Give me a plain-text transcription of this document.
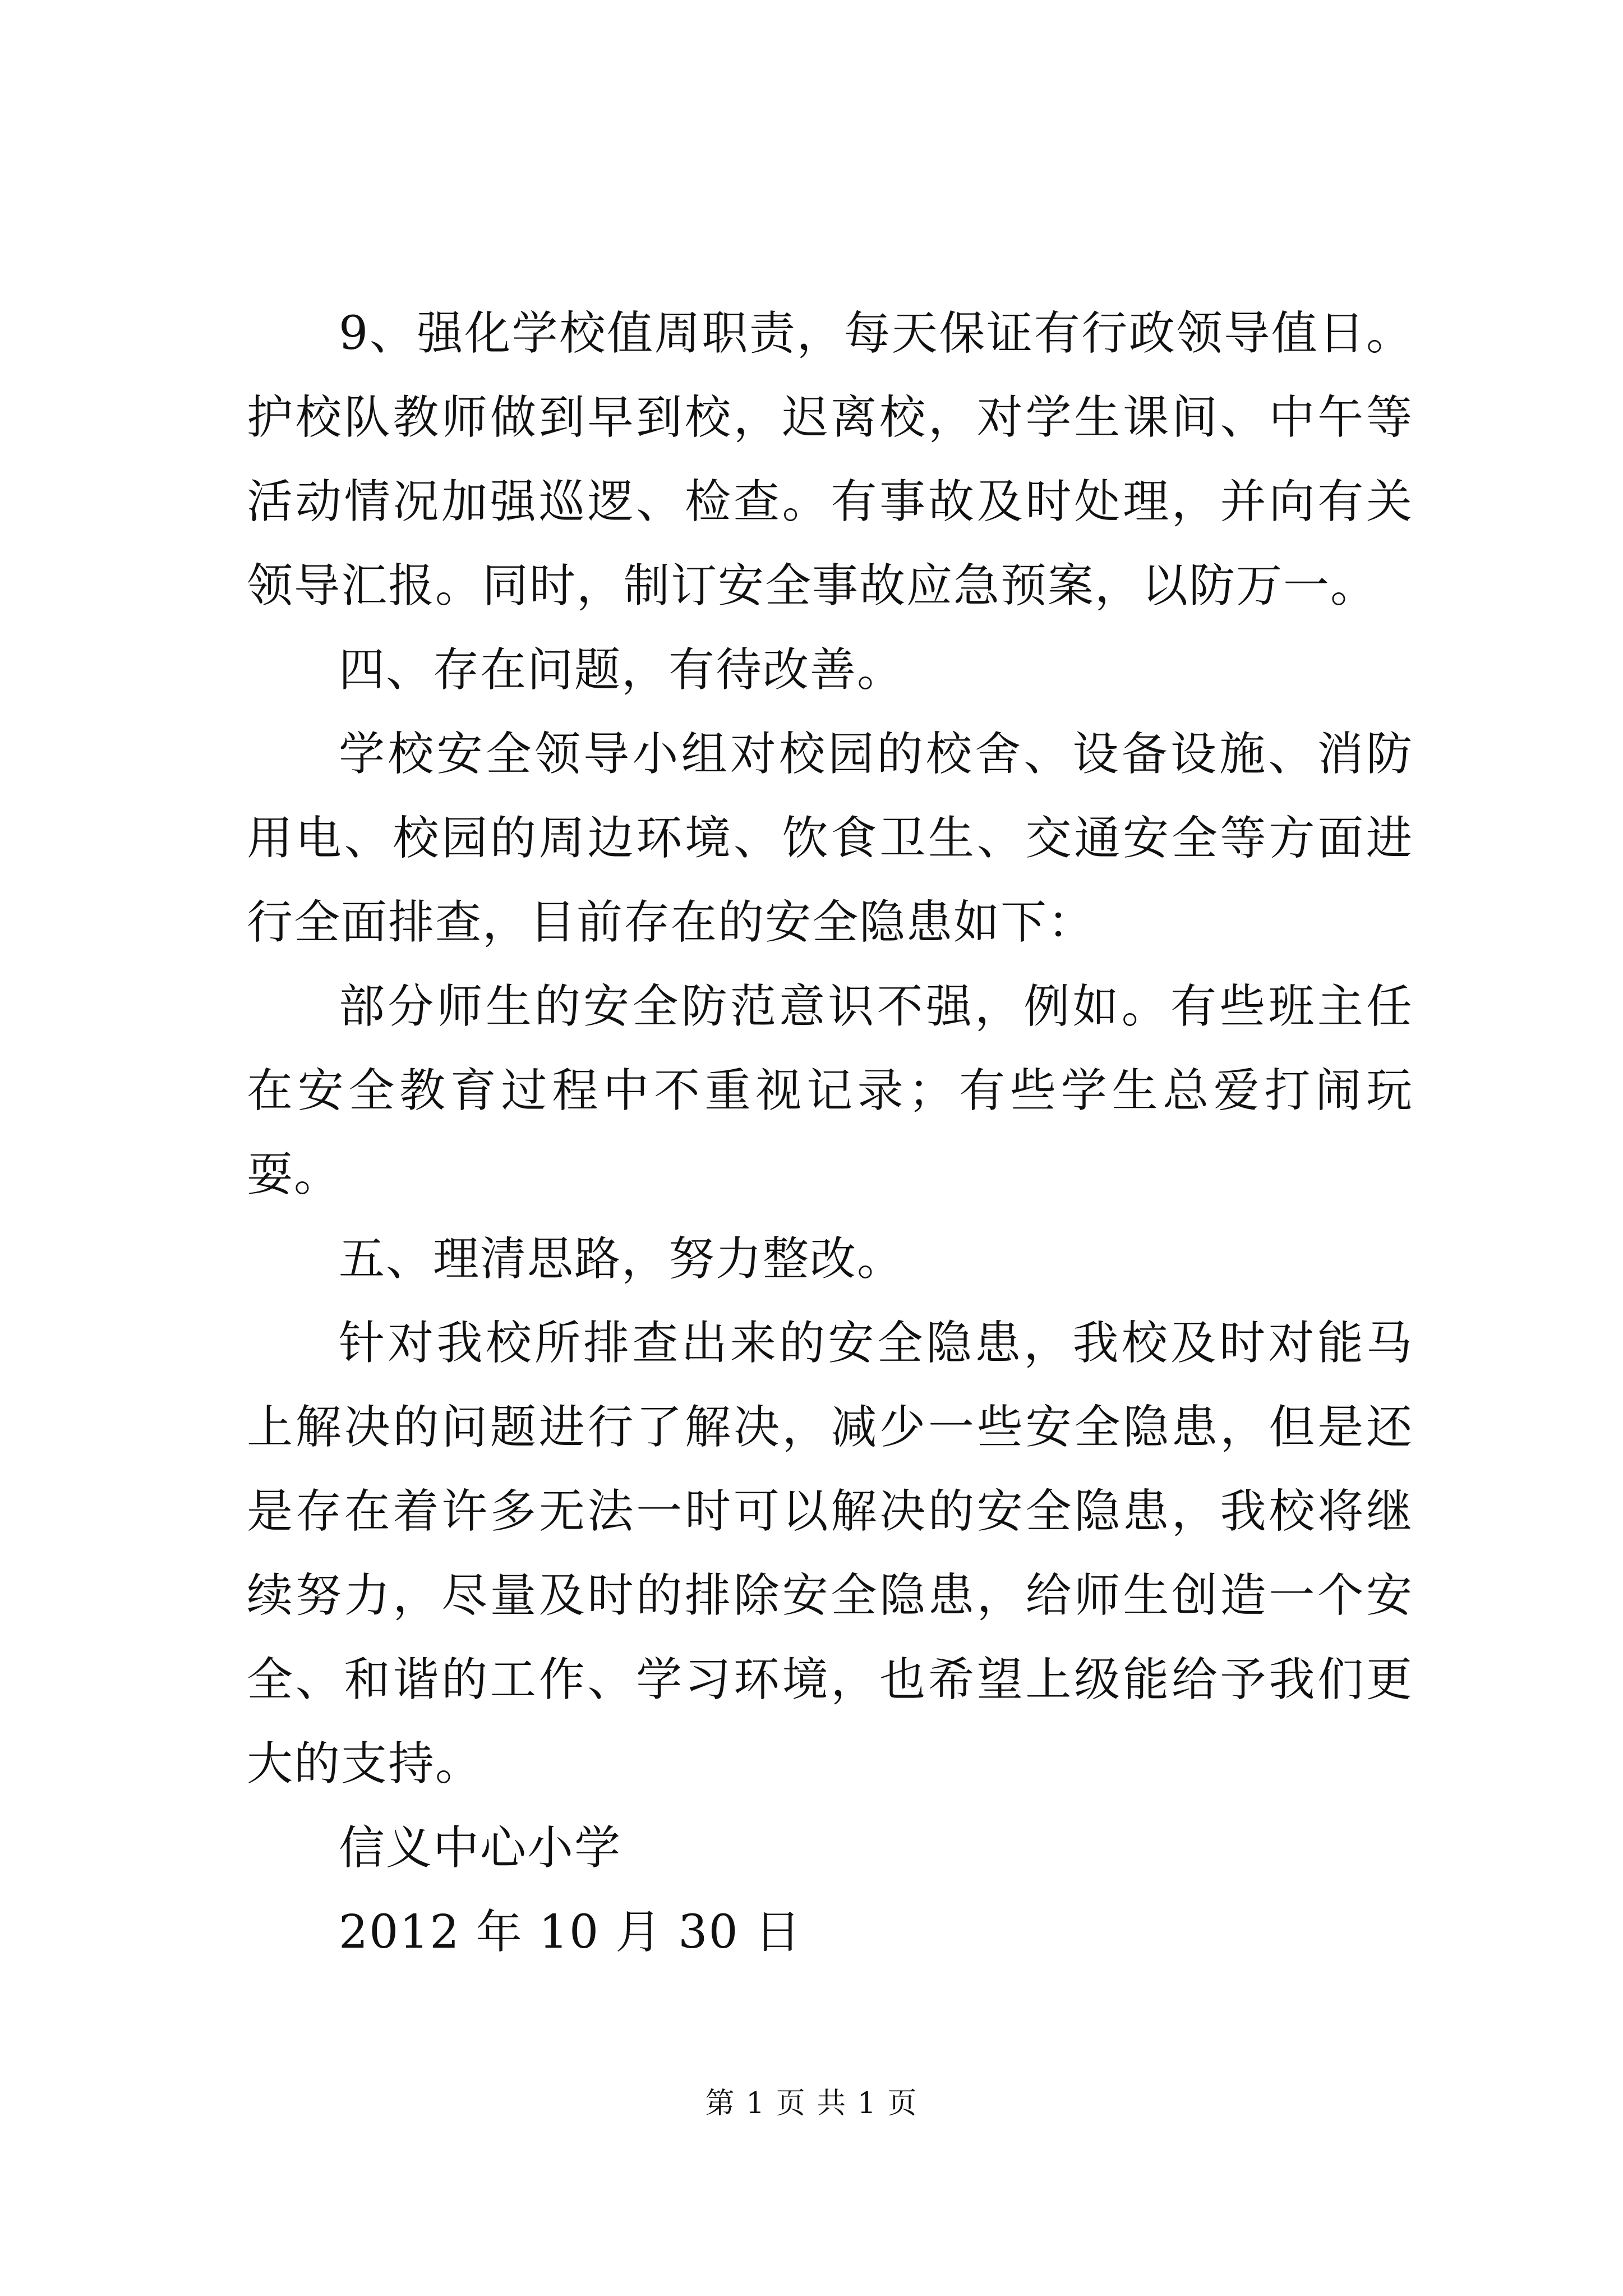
9、强化学校值周职责，每天保证有行政领导值日。护校队教师做到早到校，迟离校，对学生课间、中午等活动情况加强巡逻、检查。有事故及时处理，并向有关领导汇报。同时，制订安全事故应急预案，以防万一。

四、存在问题，有待改善。

学校安全领导小组对校园的校舍、设备设施、消防用电、校园的周边环境、饮食卫生、交通安全等方面进行全面排查，目前存在的安全隐患如下：

部分师生的安全防范意识不强，例如。有些班主任在安全教育过程中不重视记录；有些学生总爱打闹玩耍。

五、理清思路，努力整改。

针对我校所排查出来的安全隐患，我校及时对能马上解决的问题进行了解决，减少一些安全隐患，但是还是存在着许多无法一时可以解决的安全隐患，我校将继续努力，尽量及时的排除安全隐患，给师生创造一个安全、和谐的工作、学习环境，也希望上级能给予我们更大的支持。

信义中心小学

2012 年 10 月 30 日

第 1 页 共 1 页
